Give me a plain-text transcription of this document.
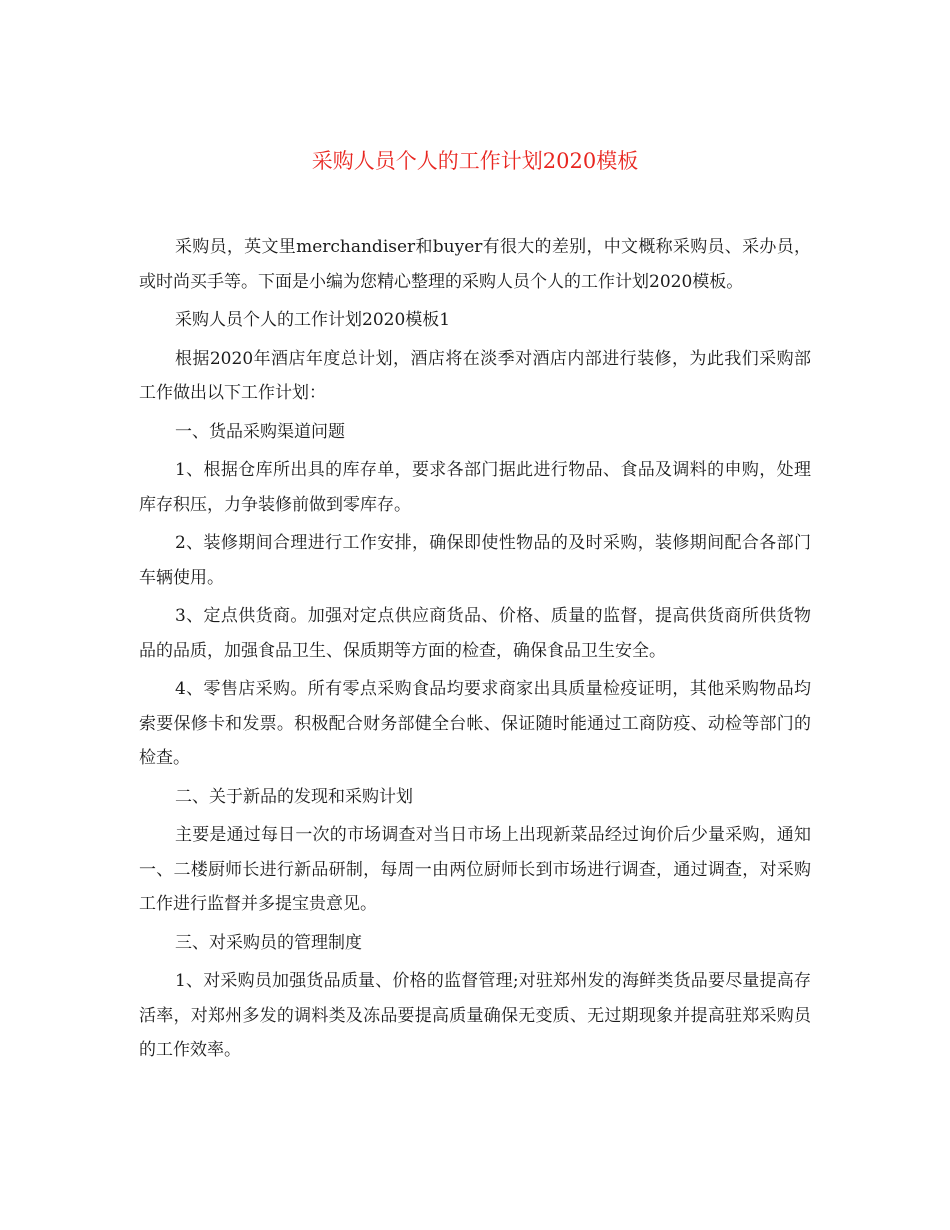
采购人员个人的工作计划2020模板

采购员，英文里merchandiser和buyer有很大的差别，中文概称采购员、采办员，或时尚买手等。下面是小编为您精心整理的采购人员个人的工作计划2020模板。

采购人员个人的工作计划2020模板1

根据2020年酒店年度总计划，酒店将在淡季对酒店内部进行装修，为此我们采购部工作做出以下工作计划：

一、货品采购渠道问题

1、根据仓库所出具的库存单，要求各部门据此进行物品、食品及调料的申购，处理库存积压，力争装修前做到零库存。

2、装修期间合理进行工作安排，确保即使性物品的及时采购，装修期间配合各部门车辆使用。

3、定点供货商。加强对定点供应商货品、价格、质量的监督，提高供货商所供货物品的品质，加强食品卫生、保质期等方面的检查，确保食品卫生安全。

4、零售店采购。所有零点采购食品均要求商家出具质量检疫证明，其他采购物品均索要保修卡和发票。积极配合财务部健全台帐、保证随时能通过工商防疫、动检等部门的检查。

二、关于新品的发现和采购计划

主要是通过每日一次的市场调查对当日市场上出现新菜品经过询价后少量采购，通知一、二楼厨师长进行新品研制，每周一由两位厨师长到市场进行调查，通过调查，对采购工作进行监督并多提宝贵意见。

三、对采购员的管理制度

1、对采购员加强货品质量、价格的监督管理;对驻郑州发的海鲜类货品要尽量提高存活率，对郑州多发的调料类及冻品要提高质量确保无变质、无过期现象并提高驻郑采购员的工作效率。
